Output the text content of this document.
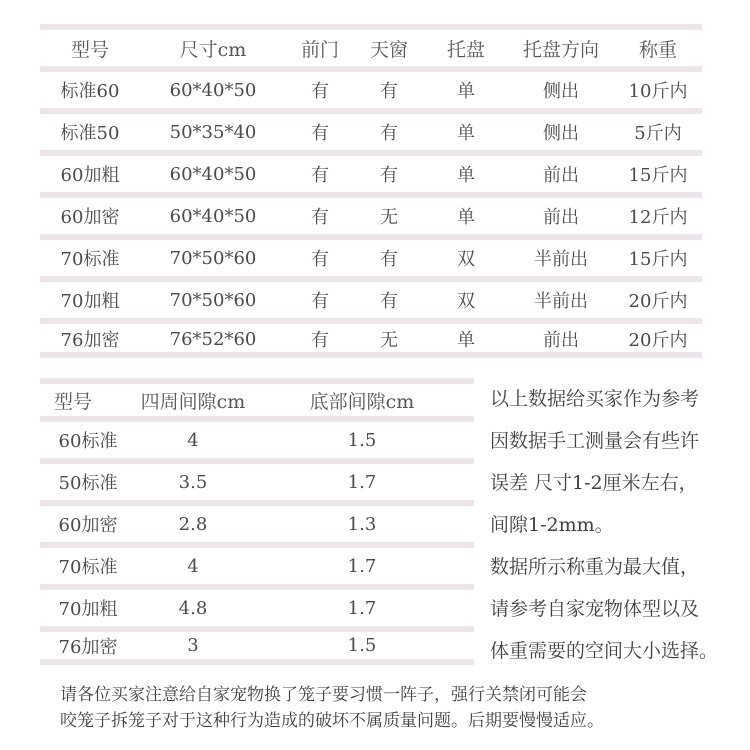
型号	尺寸cm	前门	天窗	托盘	托盘方向	称重
标准60	60*40*50	有	有	单	侧出	10斤内
标准50	50*35*40	有	有	单	侧出	5斤内
60加粗	60*40*50	有	有	单	前出	15斤内
60加密	60*40*50	有	无	单	前出	12斤内
70标准	70*50*60	有	有	双	半前出	15斤内
70加粗	70*50*60	有	有	双	半前出	20斤内
76加密	76*52*60	有	无	单	前出	20斤内
型号	四周间隙cm	底部间隙cm
60标准	4	1.5
50标准	3.5	1.7
60加密	2.8	1.3
70标准	4	1.7
70加粗	4.8	1.7
76加密	3	1.5
以上数据给买家作为参考
因数据手工测量会有些许
误差 尺寸1-2厘米左右，
间隙1-2mm。
数据所示称重为最大值，
请参考自家宠物体型以及
体重需要的空间大小选择。
请各位买家注意给自家宠物换了笼子要习惯一阵子，强行关禁闭可能会
咬笼子拆笼子对于这种行为造成的破坏不属质量问题。后期要慢慢适应。
